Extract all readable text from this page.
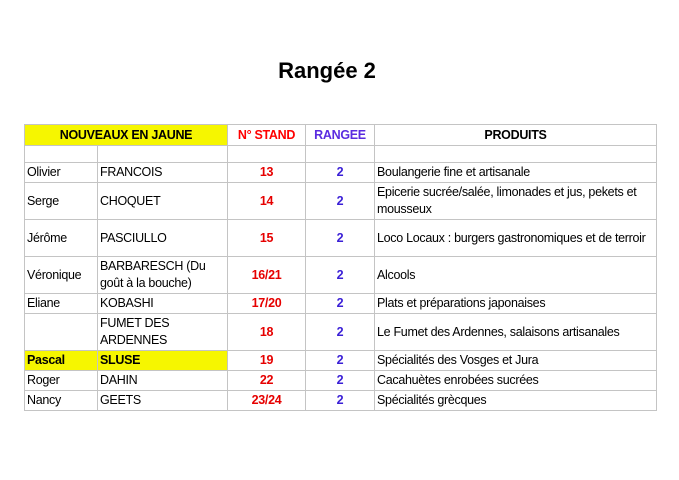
Rangée 2
NOUVEAUX EN JAUNE		N° STAND	RANGEE	PRODUITS

Olivier	FRANCOIS	13	2	Boulangerie fine et artisanale
Serge	CHOQUET	14	2	Epicerie sucrée/salée, limonades et jus, pekets et mousseux
Jérôme	PASCIULLO	15	2	Loco Locaux : burgers gastronomiques et de terroir
Véronique	BARBARESCH (Du goût à la bouche)	16/21	2	Alcools
Eliane	KOBASHI	17/20	2	Plats et préparations japonaises
	FUMET DES ARDENNES	18	2	Le Fumet des Ardennes, salaisons artisanales
Pascal	SLUSE	19	2	Spécialités des Vosges et Jura
Roger	DAHIN	22	2	Cacahuètes enrobées sucrées
Nancy	GEETS	23/24	2	Spécialités grècques
